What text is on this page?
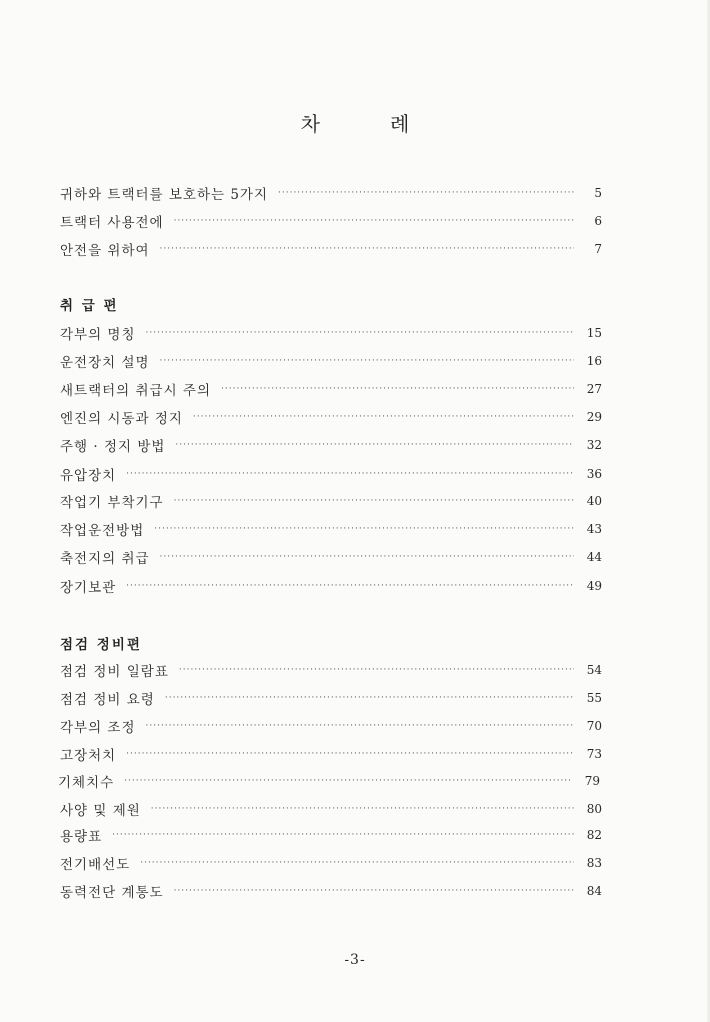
차	례
귀하와 트랙터를 보호하는 5가지 ·····	5
트랙터 사용전에 ·····	6
안전을 위하여 ·····	7
취 급 편
각부의 명칭 ·····	15
운전장치 설명 ·····	16
새트랙터의 취급시 주의 ·····	27
엔진의 시동과 정지 ·····	29
주행 · 정지 방법 ·····	32
유압장치 ·····	36
작업기 부착기구 ·····	40
작업운전방법 ·····	43
축전지의 취급 ·····	44
장기보관 ·····	49
점검 정비편
점검 정비 일람표 ·····	54
점검 정비 요령 ·····	55
각부의 조정 ·····	70
고장처치 ·····	73
기체치수 ·····	79
사양 및 제원 ·····	80
용량표 ·····	82
전기배선도 ·····	83
동력전단 계통도 ·····	84
-3-
